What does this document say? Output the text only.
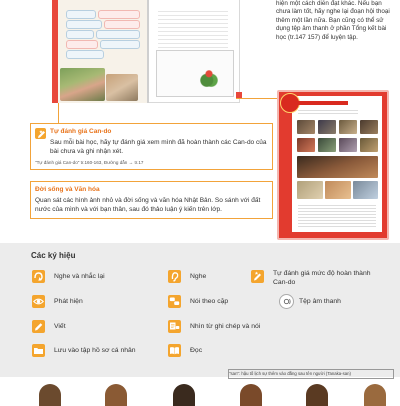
hiện một cách diễn đạt khác. Nếu bạn chưa làm tốt, hãy nghe lại đoạn hội thoại thêm một lần nữa. Bạn cũng có thể sử dụng tệp âm thanh ở phần Tổng kết bài học (tr.147 157) để luyện tập.
Tự đánh giá Can-do
Sau mỗi bài học, hãy tự đánh giá xem mình đã hoàn thành các Can-do của bài chưa và ghi nhận xét.
"Tự đánh giá Can-do" tr.160-163, Đường dẫn → tr.17
Đời sống và Văn hóa
Quan sát các hình ảnh nhỏ và đời sống và văn hóa Nhật Bản. So sánh với đất nước của mình và với bạn thân, sau đó thảo luận ý kiến trên lớp.
Các ký hiệu
Nghe và nhắc lại	Nghe	Tự đánh giá mức độ hoàn thành Can-do
Phát hiện	Nói theo cặp	Tệp âm thanh
Viết	Nhìn từ ghi chép và nói
Lưu vào tập hồ sơ cá nhân	Đọc
"san": hậu tố lịch sự thêm vào đằng sau tên người (Tanaka-san)
